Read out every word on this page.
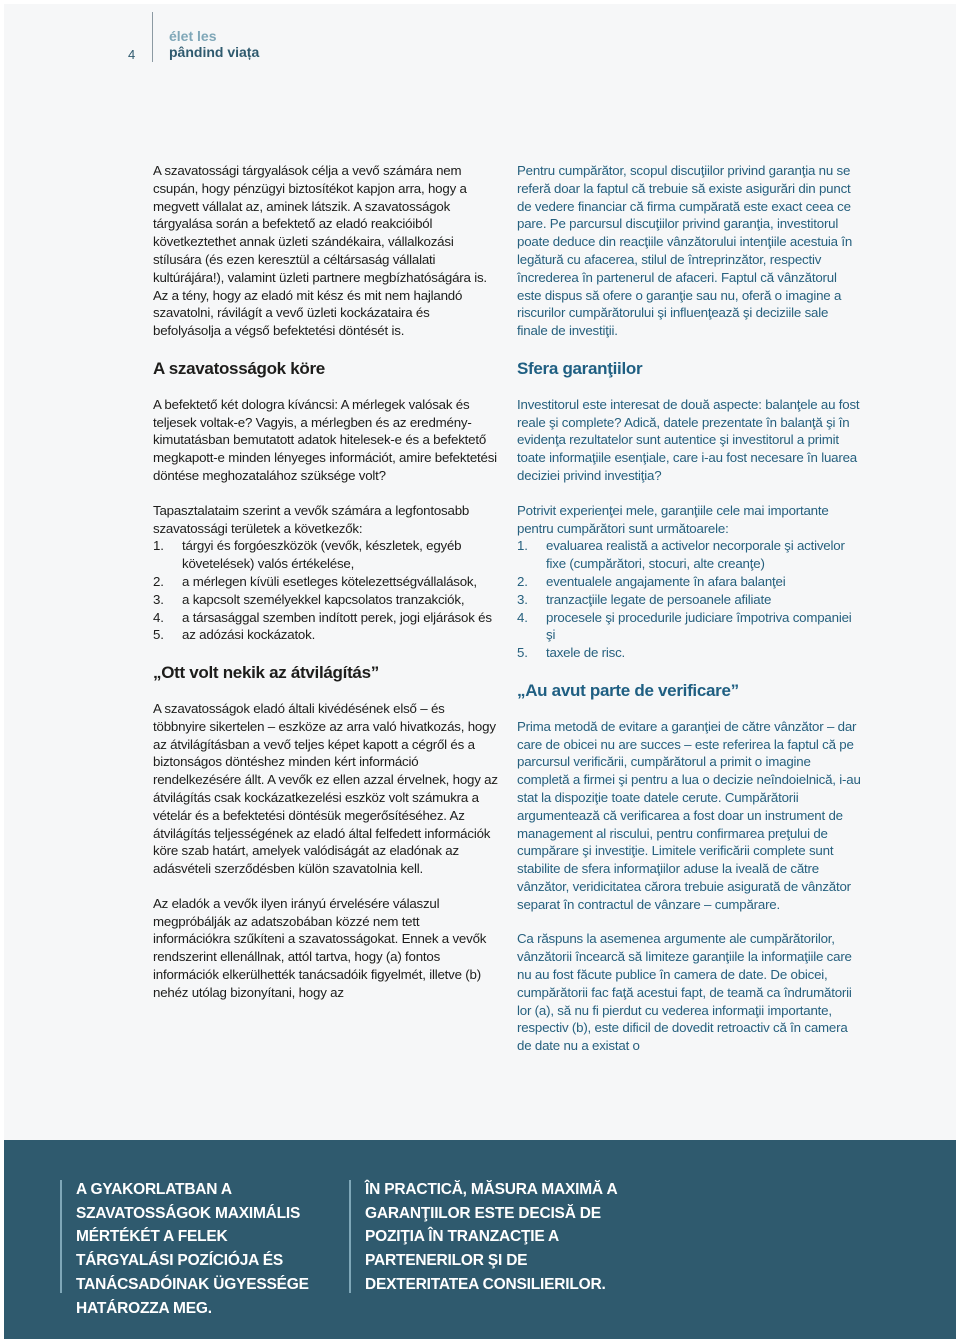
4
élet les
pândind viața

A szavatossági tárgyalások célja a vevő számára nem csupán, hogy pénzügyi biztosítékot kapjon arra, hogy a megvett vállalat az, aminek látszik. A szavatosságok tárgyalása során a befektető az eladó reakcióiból következtethet annak üzleti szándékaira, vállalkozási stílusára (és ezen keresztül a céltársaság vállalati kultúrájára!), valamint üzleti partnere megbízhatóságára is. Az a tény, hogy az eladó mit kész és mit nem hajlandó szavatolni, rávilágít a vevő üzleti kockázataira és befolyásolja a végső befektetési döntését is.

A szavatosságok köre

A befektető két dologra kíváncsi: A mérlegek valósak és teljesek voltak-e? Vagyis, a mérlegben és az eredmény-kimutatásban bemutatott adatok hitelesek-e és a befektető megkapott-e minden lényeges információt, amire befektetési döntése meghozatalához szüksége volt?

Tapasztalataim szerint a vevők számára a legfontosabb szavatossági területek a következők:

1. tárgyi és forgóeszközök (vevők, készletek, egyéb követelések) valós értékelése,
2. a mérlegen kívüli esetleges kötelezettségvállalások,
3. a kapcsolt személyekkel kapcsolatos tranzakciók,
4. a társasággal szemben indított perek, jogi eljárások és
5. az adózási kockázatok.
„Ott volt nekik az átvilágítás”

A szavatosságok eladó általi kivédésének első – és többnyire sikertelen – eszköze az arra való hivatkozás, hogy az átvilágításban a vevő teljes képet kapott a cégről és a biztonságos döntéshez minden kért információ rendelkezésére állt. A vevők ez ellen azzal érvelnek, hogy az átvilágítás csak kockázatkezelési eszköz volt számukra a vételár és a befektetési döntésük megerősítéséhez. Az átvilágítás teljességének az eladó által felfedett információk köre szab határt, amelyek valódiságát az eladónak az adásvételi szerződésben külön szavatolnia kell.

Az eladók a vevők ilyen irányú érvelésére válaszul megpróbálják az adatszobában közzé nem tett információkra szűkíteni a szavatosságokat. Ennek a vevők rendszerint ellenállnak, attól tartva, hogy (a) fontos információk elkerülhették tanácsadóik figyelmét, illetve (b) nehéz utólag bizonyítani, hogy az

Pentru cumpărător, scopul discuţiilor privind garanţia nu se referă doar la faptul că trebuie să existe asigurări din punct de vedere financiar că firma cumpărată este exact ceea ce pare. Pe parcursul discuţiilor privind garanţia, investitorul poate deduce din reacţiile vânzătorului intenţiile acestuia în legătură cu afacerea, stilul de întreprinzător, respectiv încrederea în partenerul de afaceri. Faptul că vânzătorul este dispus să ofere o garanţie sau nu, oferă o imagine a riscurilor cumpărătorului şi influenţează şi deciziile sale finale de investiţii.

Sfera garanţiilor

Investitorul este interesat de două aspecte: balanţele au fost reale şi complete? Adică, datele prezentate în balanţă şi în evidenţa rezultatelor sunt autentice şi investitorul a primit toate informaţiile esenţiale, care i-au fost necesare în luarea deciziei privind investiţia?

Potrivit experienţei mele, garanţiile cele mai importante pentru cumpărători sunt următoarele:

1. evaluarea realistă a activelor necorporale şi activelor fixe (cumpărători, stocuri, alte creanţe)
2. eventualele angajamente în afara balanţei
3. tranzacţiile legate de persoanele afiliate
4. procesele şi procedurile judiciare împotriva companiei şi
5. taxele de risc.
„Au avut parte de verificare”

Prima metodă de evitare a garanţiei de către vânzător – dar care de obicei nu are succes – este referirea la faptul că pe parcursul verificării, cumpărătorul a primit o imagine completă a firmei şi pentru a lua o decizie neîndoielnică, i-au stat la dispoziţie toate datele cerute. Cumpărătorii argumentează că verificarea a fost doar un instrument de management al riscului, pentru confirmarea preţului de cumpărare şi investiţie. Limitele verificării complete sunt stabilite de sfera informaţiilor aduse la iveală de către vânzător, veridicitatea cărora trebuie asigurată de vânzător separat în contractul de vânzare – cumpărare.

Ca răspuns la asemenea argumente ale cumpărătorilor, vânzătorii încearcă să limiteze garanţiile la informaţiile care nu au fost făcute publice în camera de date. De obicei, cumpărătorii fac faţă acestui fapt, de teamă ca îndrumătorii lor (a), să nu fi pierdut cu vederea informaţii importante, respectiv (b), este dificil de dovedit retroactiv că în camera de date nu a existat o

A GYAKORLATBAN A SZAVATOSSÁGOK MAXIMÁLIS MÉRTÉKÉT A FELEK TÁRGYALÁSI POZÍCIÓJA ÉS TANÁCSADÓINAK ÜGYESSÉGE HATÁROZZA MEG.
ÎN PRACTICĂ, MĂSURA MAXIMĂ A GARANŢIILOR ESTE DECISĂ DE POZIŢIA ÎN TRANZACŢIE A PARTENERILOR ŞI DE DEXTERITATEA CONSILIERILOR.
